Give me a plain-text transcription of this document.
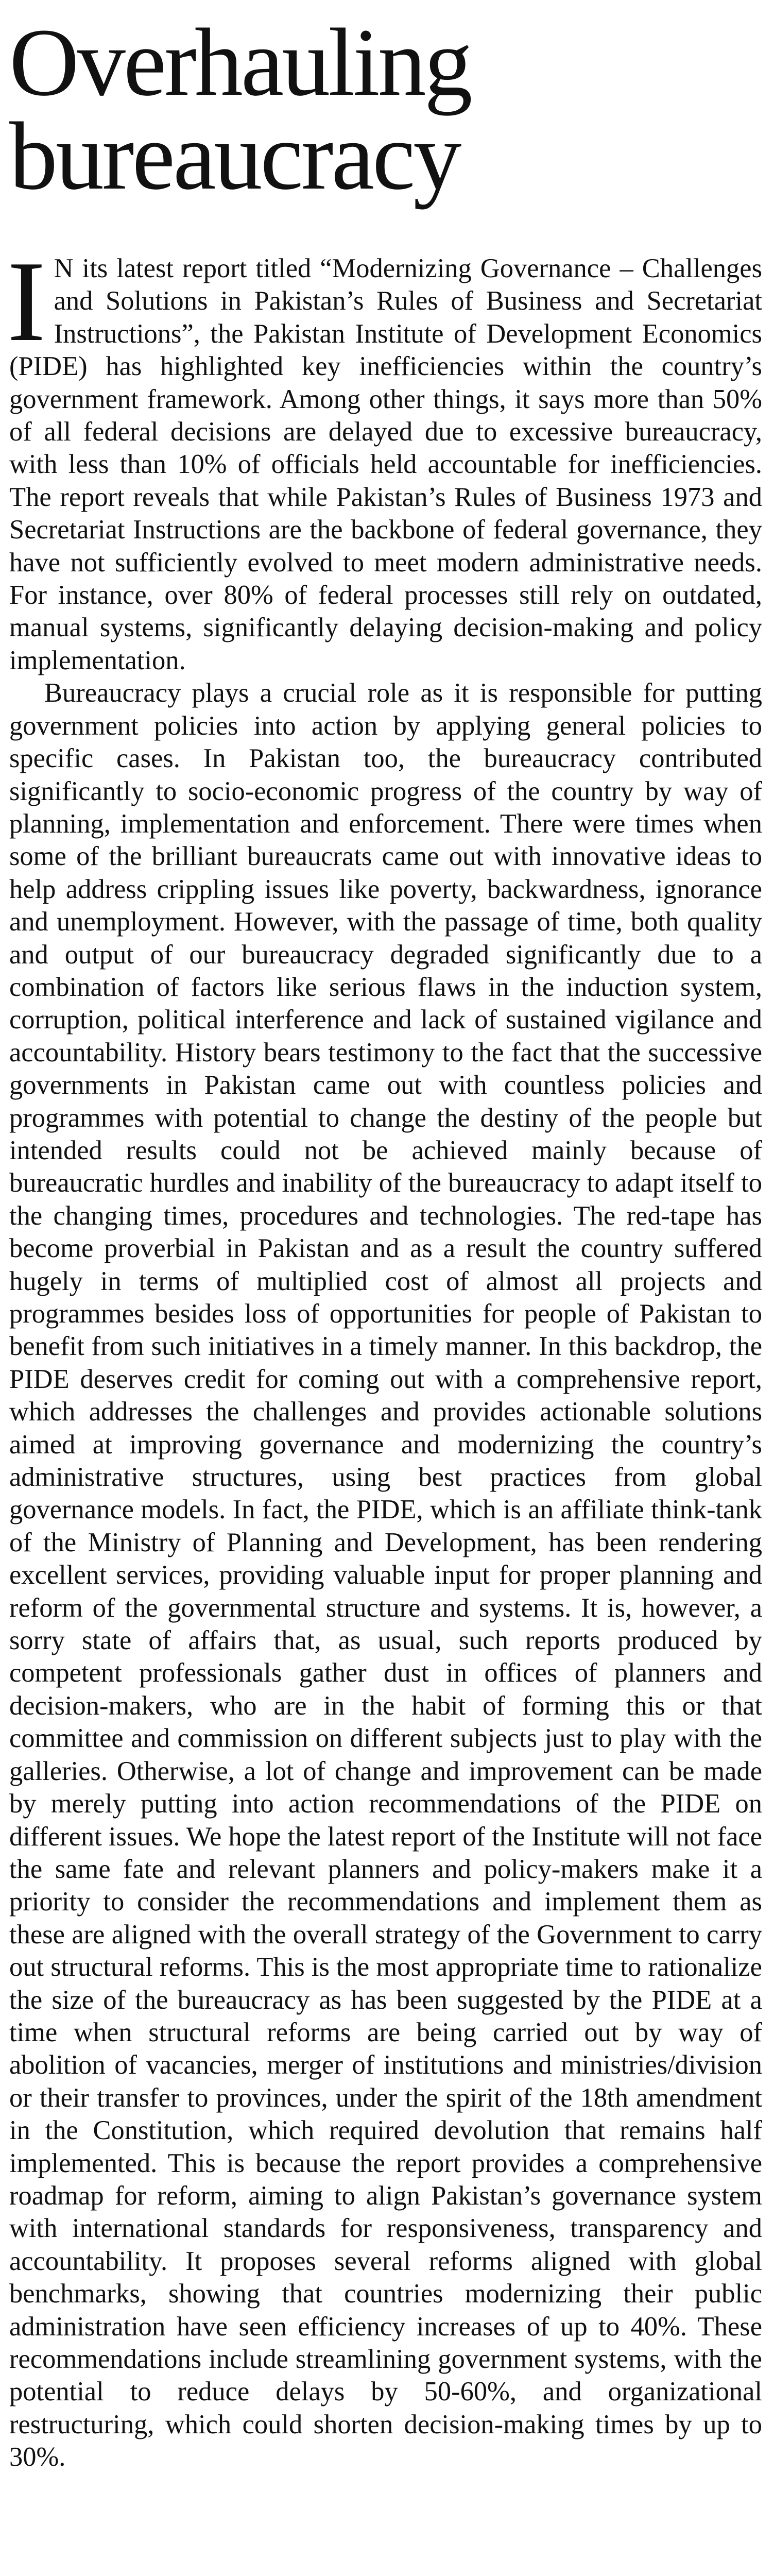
Overhauling
bureaucracy

I N its latest report titled “Modernizing Governance – Challenges and Solutions in Pakistan’s Rules of Business and Secretariat Instructions”, the Pakistan Institute of Development Economics (PIDE) has highlighted key inefficiencies within the country’s government framework. Among other things, it says more than 50% of all federal decisions are delayed due to excessive bureaucracy, with less than 10% of officials held accountable for inefficiencies. The report reveals that while Pakistan’s Rules of Business 1973 and Secretariat Instructions are the backbone of federal governance, they have not sufficiently evolved to meet modern administrative needs. For instance, over 80% of federal processes still rely on outdated, manual systems, significantly delaying decision-making and policy implementation.

Bureaucracy plays a crucial role as it is responsible for putting government policies into action by applying general policies to specific cases. In Pakistan too, the bureaucracy contributed significantly to socio-economic progress of the country by way of planning, implementation and enforcement. There were times when some of the brilliant bureaucrats came out with innovative ideas to help address crippling issues like poverty, backwardness, ignorance and unemployment. However, with the passage of time, both quality and output of our bureaucracy degraded significantly due to a combination of factors like serious flaws in the induction system, corruption, political interference and lack of sustained vigilance and accountability. History bears testimony to the fact that the successive governments in Pakistan came out with countless policies and programmes with potential to change the destiny of the people but intended results could not be achieved mainly because of bureaucratic hurdles and inability of the bureaucracy to adapt itself to the changing times, procedures and technologies. The red-tape has become proverbial in Pakistan and as a result the country suffered hugely in terms of multiplied cost of almost all projects and programmes besides loss of opportunities for people of Pakistan to benefit from such initiatives in a timely manner. In this backdrop, the PIDE deserves credit for coming out with a comprehensive report, which addresses the challenges and provides actionable solutions aimed at improving governance and modernizing the country’s administrative structures, using best practices from global governance models. In fact, the PIDE, which is an affiliate think-tank of the Ministry of Planning and Development, has been rendering excellent services, providing valuable input for proper planning and reform of the governmental structure and systems. It is, however, a sorry state of affairs that, as usual, such reports produced by competent professionals gather dust in offices of planners and decision-makers, who are in the habit of forming this or that committee and commission on different subjects just to play with the galleries. Otherwise, a lot of change and improvement can be made by merely putting into action recommendations of the PIDE on different issues. We hope the latest report of the Institute will not face the same fate and relevant planners and policy-makers make it a priority to consider the recommendations and implement them as these are aligned with the overall strategy of the Government to carry out structural reforms. This is the most appropriate time to rationalize the size of the bureaucracy as has been suggested by the PIDE at a time when structural reforms are being carried out by way of abolition of vacancies, merger of institutions and ministries/division or their transfer to provinces, under the spirit of the 18th amendment in the Constitution, which required devolution that remains half implemented. This is because the report provides a comprehensive roadmap for reform, aiming to align Pakistan’s governance system with international standards for responsiveness, transparency and accountability. It proposes several reforms aligned with global benchmarks, showing that countries modernizing their public administration have seen efficiency increases of up to 40%. These recommendations include streamlining government systems, with the potential to reduce delays by 50-60%, and organizational restructuring, which could shorten decision-making times by up to 30%.
